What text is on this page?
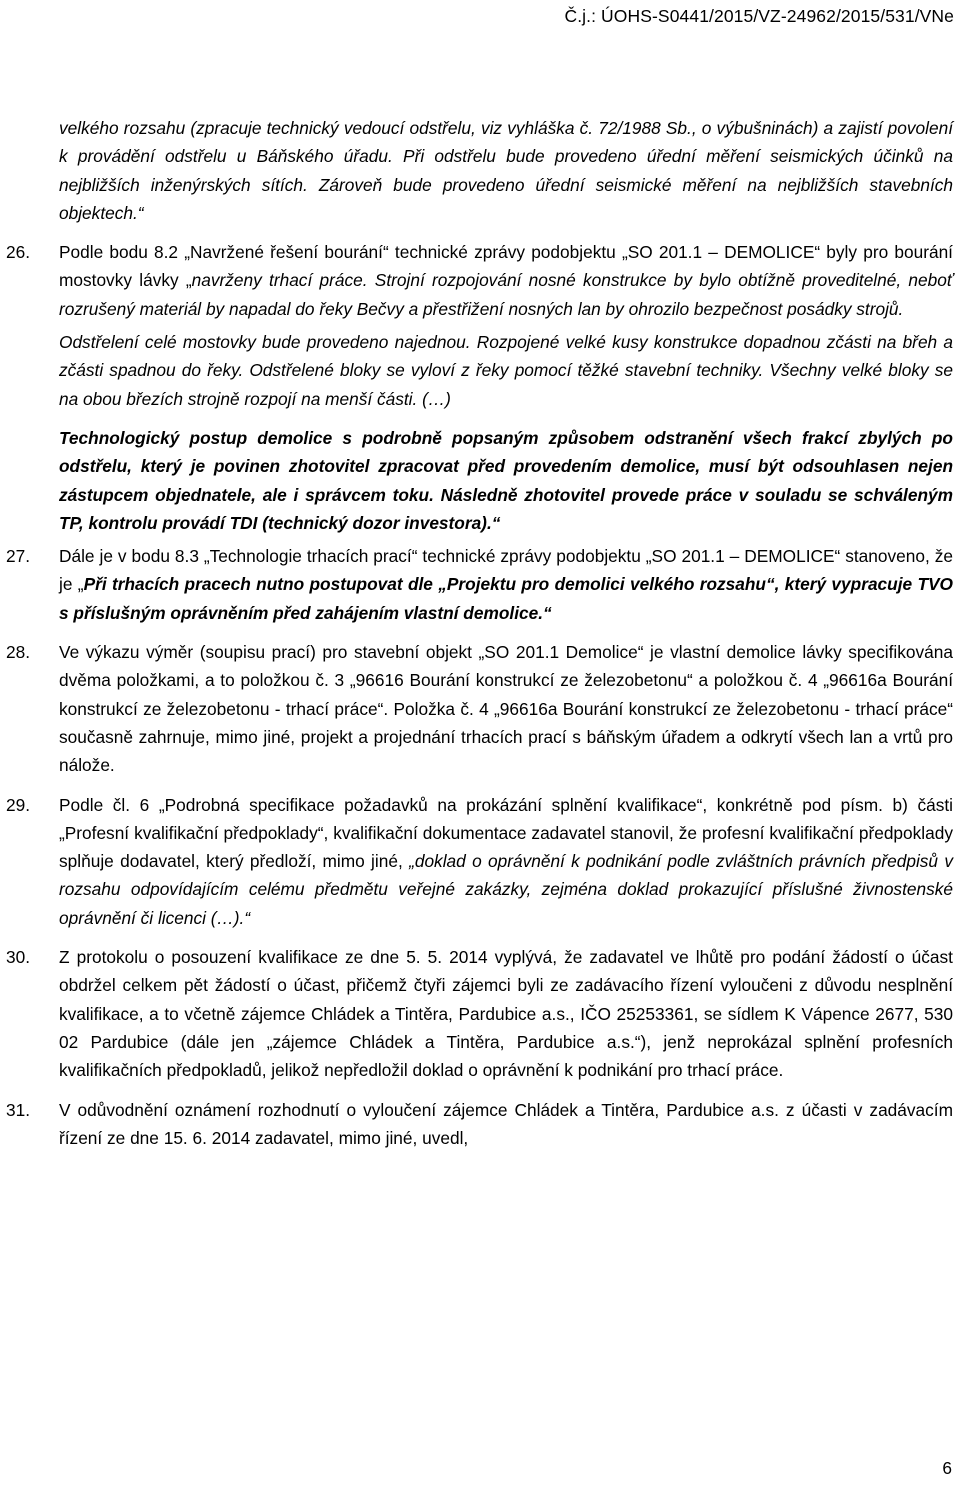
Č.j.: ÚOHS-S0441/2015/VZ-24962/2015/531/VNe
velkého rozsahu (zpracuje technický vedoucí odstřelu, viz vyhláška č. 72/1988 Sb., o výbušninách) a zajistí povolení k provádění odstřelu u Báňského úřadu. Při odstřelu bude provedeno úřední měření seismických účinků na nejbližších inženýrských sítích. Zároveň bude provedeno úřední seismické měření na nejbližších stavebních objektech.“
26. Podle bodu 8.2 „Navržené řešení bourání“ technické zprávy podobjektu „SO 201.1 – DEMOLICE“ byly pro bourání mostovky lávky „navrženy trhací práce. Strojní rozpojování nosné konstrukce by bylo obtížně proveditelné, neboť rozrušený materiál by napadal do řeky Bečvy a přestřižení nosných lan by ohrozilo bezpečnost posádky strojů.
Odstřelení celé mostovky bude provedeno najednou. Rozpojené velké kusy konstrukce dopadnou zčásti na břeh a zčásti spadnou do řeky. Odstřelené bloky se vyloví z řeky pomocí těžké stavební techniky. Všechny velké bloky se na obou březích strojně rozpojí na menší části. (…)
Technologický postup demolice s podrobně popsaným způsobem odstranění všech frakcí zbylých po odstřelu, který je povinen zhotovitel zpracovat před provedením demolice, musí být odsouhlasen nejen zástupcem objednatele, ale i správcem toku. Následně zhotovitel provede práce v souladu se schváleným TP, kontrolu provádí TDI (technický dozor investora).“
27. Dále je v bodu 8.3 „Technologie trhacích prací“ technické zprávy podobjektu „SO 201.1 – DEMOLICE“ stanoveno, že je „Při trhacích pracech nutno postupovat dle „Projektu pro demolici velkého rozsahu“, který vypracuje TVO s příslušným oprávněním před zahájením vlastní demolice.“
28. Ve výkazu výměr (soupisu prací) pro stavební objekt „SO 201.1 Demolice“ je vlastní demolice lávky specifikována dvěma položkami, a to položkou č. 3 „96616 Bourání konstrukcí ze železobetonu“ a položkou č. 4 „96616a Bourání konstrukcí ze železobetonu - trhací práce“. Položka č. 4 „96616a Bourání konstrukcí ze železobetonu - trhací práce“ současně zahrnuje, mimo jiné, projekt a projednání trhacích prací s báňským úřadem a odkrytí všech lan a vrtů pro nálože.
29. Podle čl. 6 „Podrobná specifikace požadavků na prokázání splnění kvalifikace“, konkrétně pod písm. b) části „Profesní kvalifikační předpoklady“, kvalifikační dokumentace zadavatel stanovil, že profesní kvalifikační předpoklady splňuje dodavatel, který předloží, mimo jiné, „doklad o oprávnění k podnikání podle zvláštních právních předpisů v rozsahu odpovídajícím celému předmětu veřejné zakázky, zejména doklad prokazující příslušné živnostenské oprávnění či licenci (…).“
30. Z protokolu o posouzení kvalifikace ze dne 5. 5. 2014 vyplývá, že zadavatel ve lhůtě pro podání žádostí o účast obdržel celkem pět žádostí o účast, přičemž čtyři zájemci byli ze zadávacího řízení vyloučeni z důvodu nesplnění kvalifikace, a to včetně zájemce Chládek a Tintěra, Pardubice a.s., IČO 25253361, se sídlem K Vápence 2677, 530 02 Pardubice (dále jen „zájemce Chládek a Tintěra, Pardubice a.s.“), jenž neprokázal splnění profesních kvalifikačních předpokladů, jelikož nepředložil doklad o oprávnění k podnikání pro trhací práce.
31. V odůvodnění oznámení rozhodnutí o vyloučení zájemce Chládek a Tintěra, Pardubice a.s. z účasti v zadávacím řízení ze dne 15. 6. 2014 zadavatel, mimo jiné, uvedl,
6
